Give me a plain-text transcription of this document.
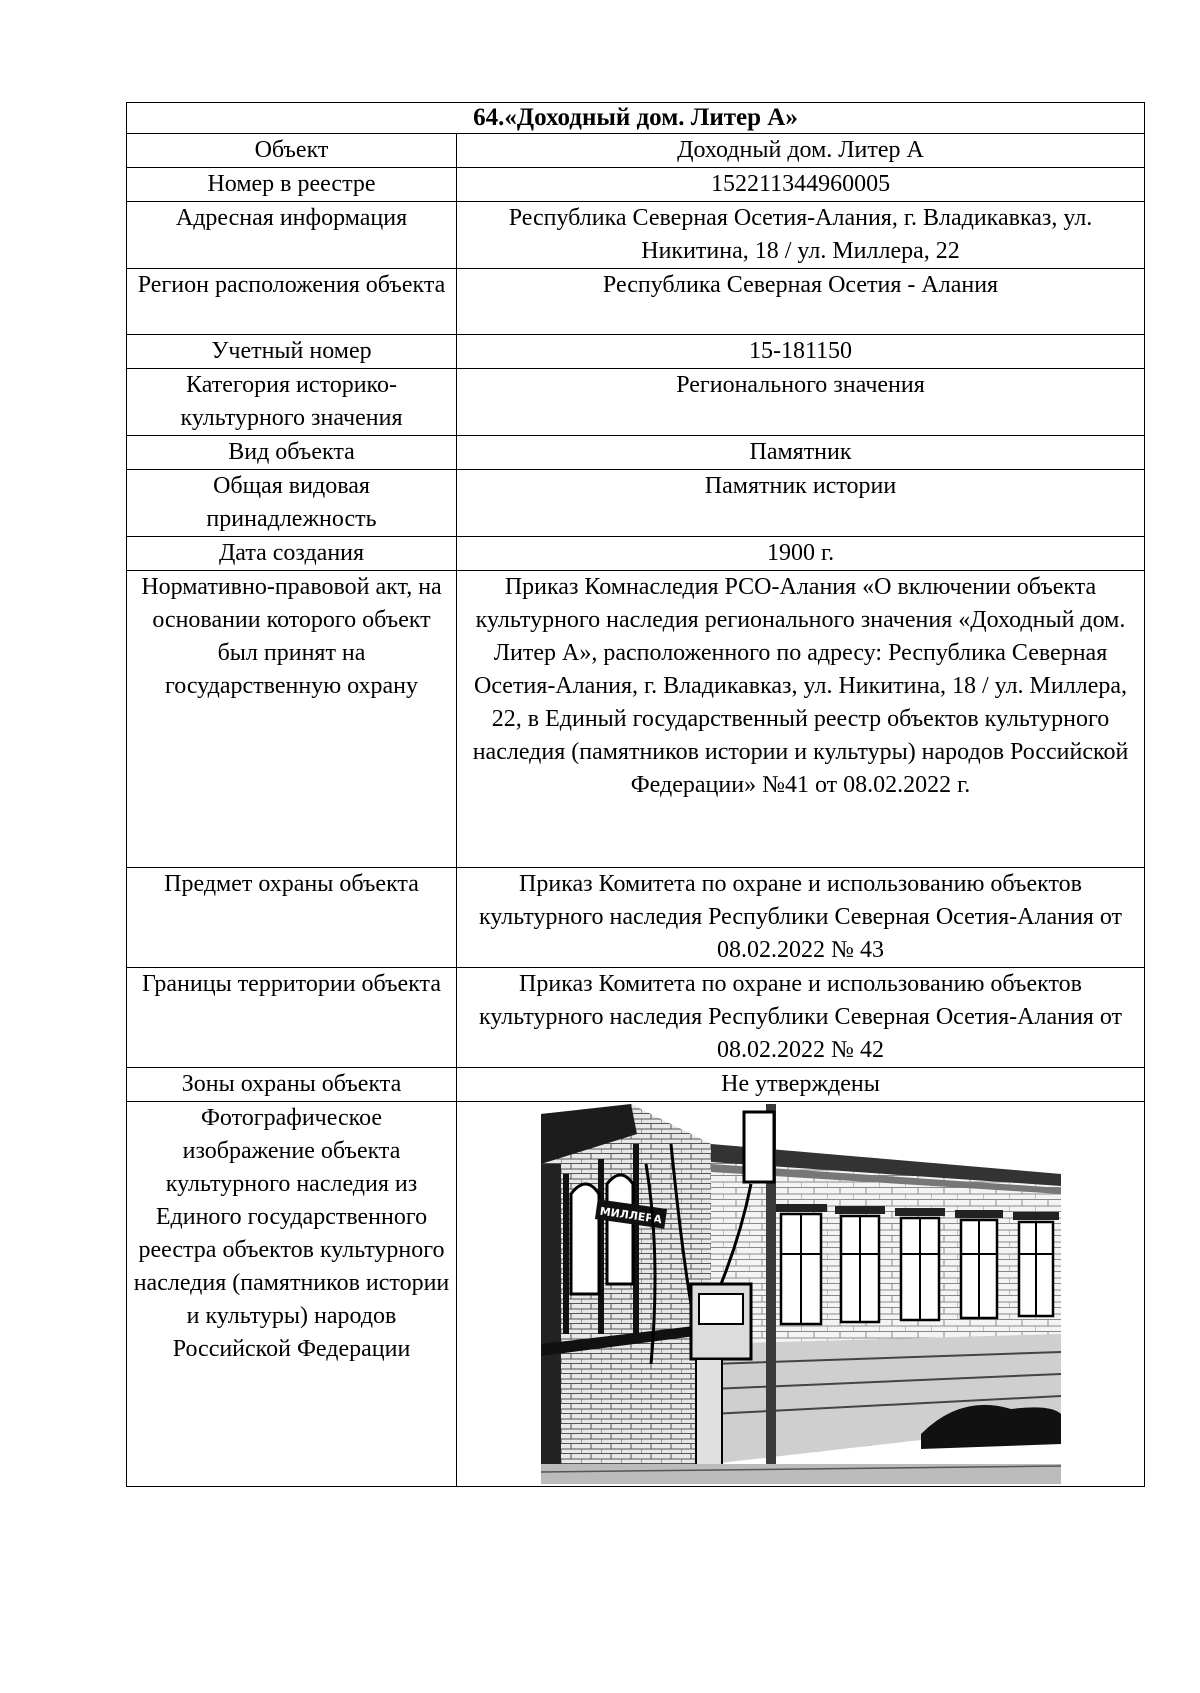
64.«Доходный дом. Литер А»	
Объект	Доходный дом. Литер А
Номер в реестре	152211344960005
Адресная информация	Республика Северная Осетия-Алания, г. Владикавказ, ул. Никитина, 18 / ул. Миллера, 22
Регион расположения объекта	Республика Северная Осетия - Алания
Учетный номер	15-181150
Категория историко-культурного значения	Регионального значения
Вид объекта	Памятник
Общая видовая принадлежность	Памятник истории
Дата создания	1900 г.
Нормативно-правовой акт, на основании которого объект был принят на государственную охрану	Приказ Комнаследия РСО-Алания «О включении объекта культурного наследия регионального значения «Доходный дом. Литер А», расположенного по адресу: Республика Северная Осетия-Алания, г. Владикавказ, ул. Никитина, 18 / ул. Миллера, 22, в Единый государственный реестр объектов культурного наследия (памятников истории и культуры) народов Российской Федерации» №41 от 08.02.2022 г.
Предмет охраны объекта	Приказ Комитета по охране и использованию объектов культурного наследия Республики Северная Осетия-Алания от 08.02.2022 № 43
Границы территории объекта	Приказ Комитета по охране и использованию объектов культурного наследия Республики Северная Осетия-Алания от 08.02.2022 № 42
Зоны охраны объекта	Не утверждены
Фотографическое изображение объекта культурного наследия из Единого государственного реестра объектов культурного наследия (памятников истории и культуры) народов Российской Федерации	МИЛЛЕРА
